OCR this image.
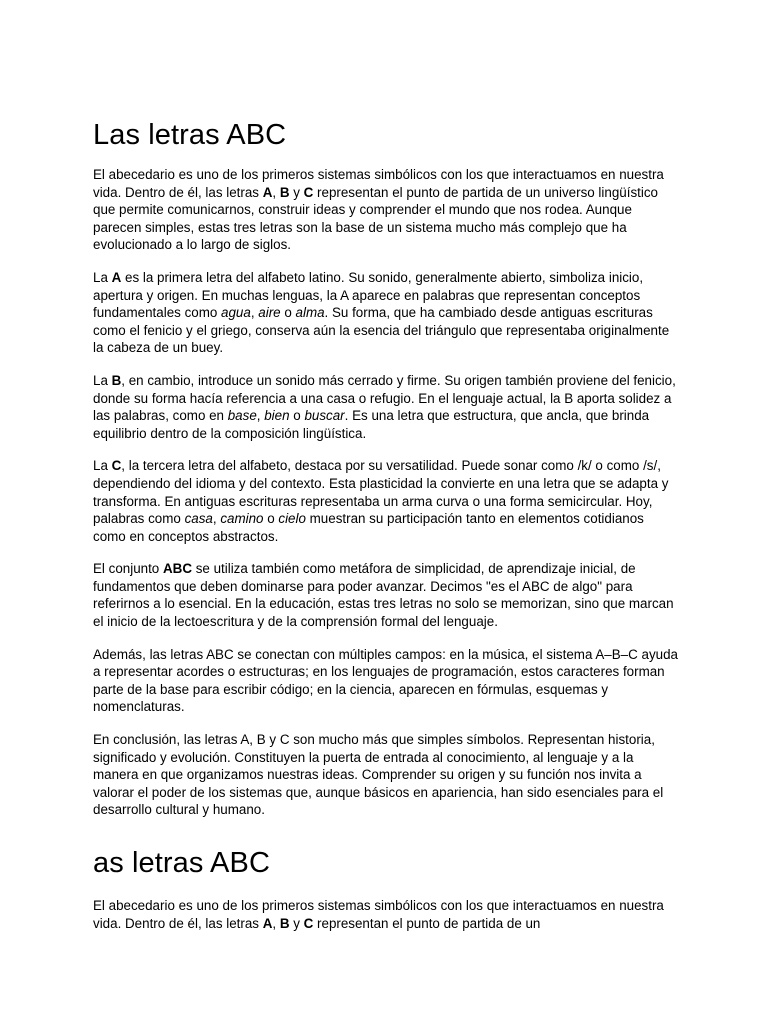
Las letras ABC

El abecedario es uno de los primeros sistemas simbólicos con los que interactuamos en nuestra vida. Dentro de él, las letras A, B y C representan el punto de partida de un universo lingüístico que permite comunicarnos, construir ideas y comprender el mundo que nos rodea. Aunque parecen simples, estas tres letras son la base de un sistema mucho más complejo que ha evolucionado a lo largo de siglos.

La A es la primera letra del alfabeto latino. Su sonido, generalmente abierto, simboliza inicio, apertura y origen. En muchas lenguas, la A aparece en palabras que representan conceptos fundamentales como agua, aire o alma. Su forma, que ha cambiado desde antiguas escrituras como el fenicio y el griego, conserva aún la esencia del triángulo que representaba originalmente la cabeza de un buey.

La B, en cambio, introduce un sonido más cerrado y firme. Su origen también proviene del fenicio, donde su forma hacía referencia a una casa o refugio. En el lenguaje actual, la B aporta solidez a las palabras, como en base, bien o buscar. Es una letra que estructura, que ancla, que brinda equilibrio dentro de la composición lingüística.

La C, la tercera letra del alfabeto, destaca por su versatilidad. Puede sonar como /k/ o como /s/, dependiendo del idioma y del contexto. Esta plasticidad la convierte en una letra que se adapta y transforma. En antiguas escrituras representaba un arma curva o una forma semicircular. Hoy, palabras como casa, camino o cielo muestran su participación tanto en elementos cotidianos como en conceptos abstractos.

El conjunto ABC se utiliza también como metáfora de simplicidad, de aprendizaje inicial, de fundamentos que deben dominarse para poder avanzar. Decimos "es el ABC de algo" para referirnos a lo esencial. En la educación, estas tres letras no solo se memorizan, sino que marcan el inicio de la lectoescritura y de la comprensión formal del lenguaje.

Además, las letras ABC se conectan con múltiples campos: en la música, el sistema A–B–C ayuda a representar acordes o estructuras; en los lenguajes de programación, estos caracteres forman parte de la base para escribir código; en la ciencia, aparecen en fórmulas, esquemas y nomenclaturas.

En conclusión, las letras A, B y C son mucho más que simples símbolos. Representan historia, significado y evolución. Constituyen la puerta de entrada al conocimiento, al lenguaje y a la manera en que organizamos nuestras ideas. Comprender su origen y su función nos invita a valorar el poder de los sistemas que, aunque básicos en apariencia, han sido esenciales para el desarrollo cultural y humano.

as letras ABC

El abecedario es uno de los primeros sistemas simbólicos con los que interactuamos en nuestra vida. Dentro de él, las letras A, B y C representan el punto de partida de un
